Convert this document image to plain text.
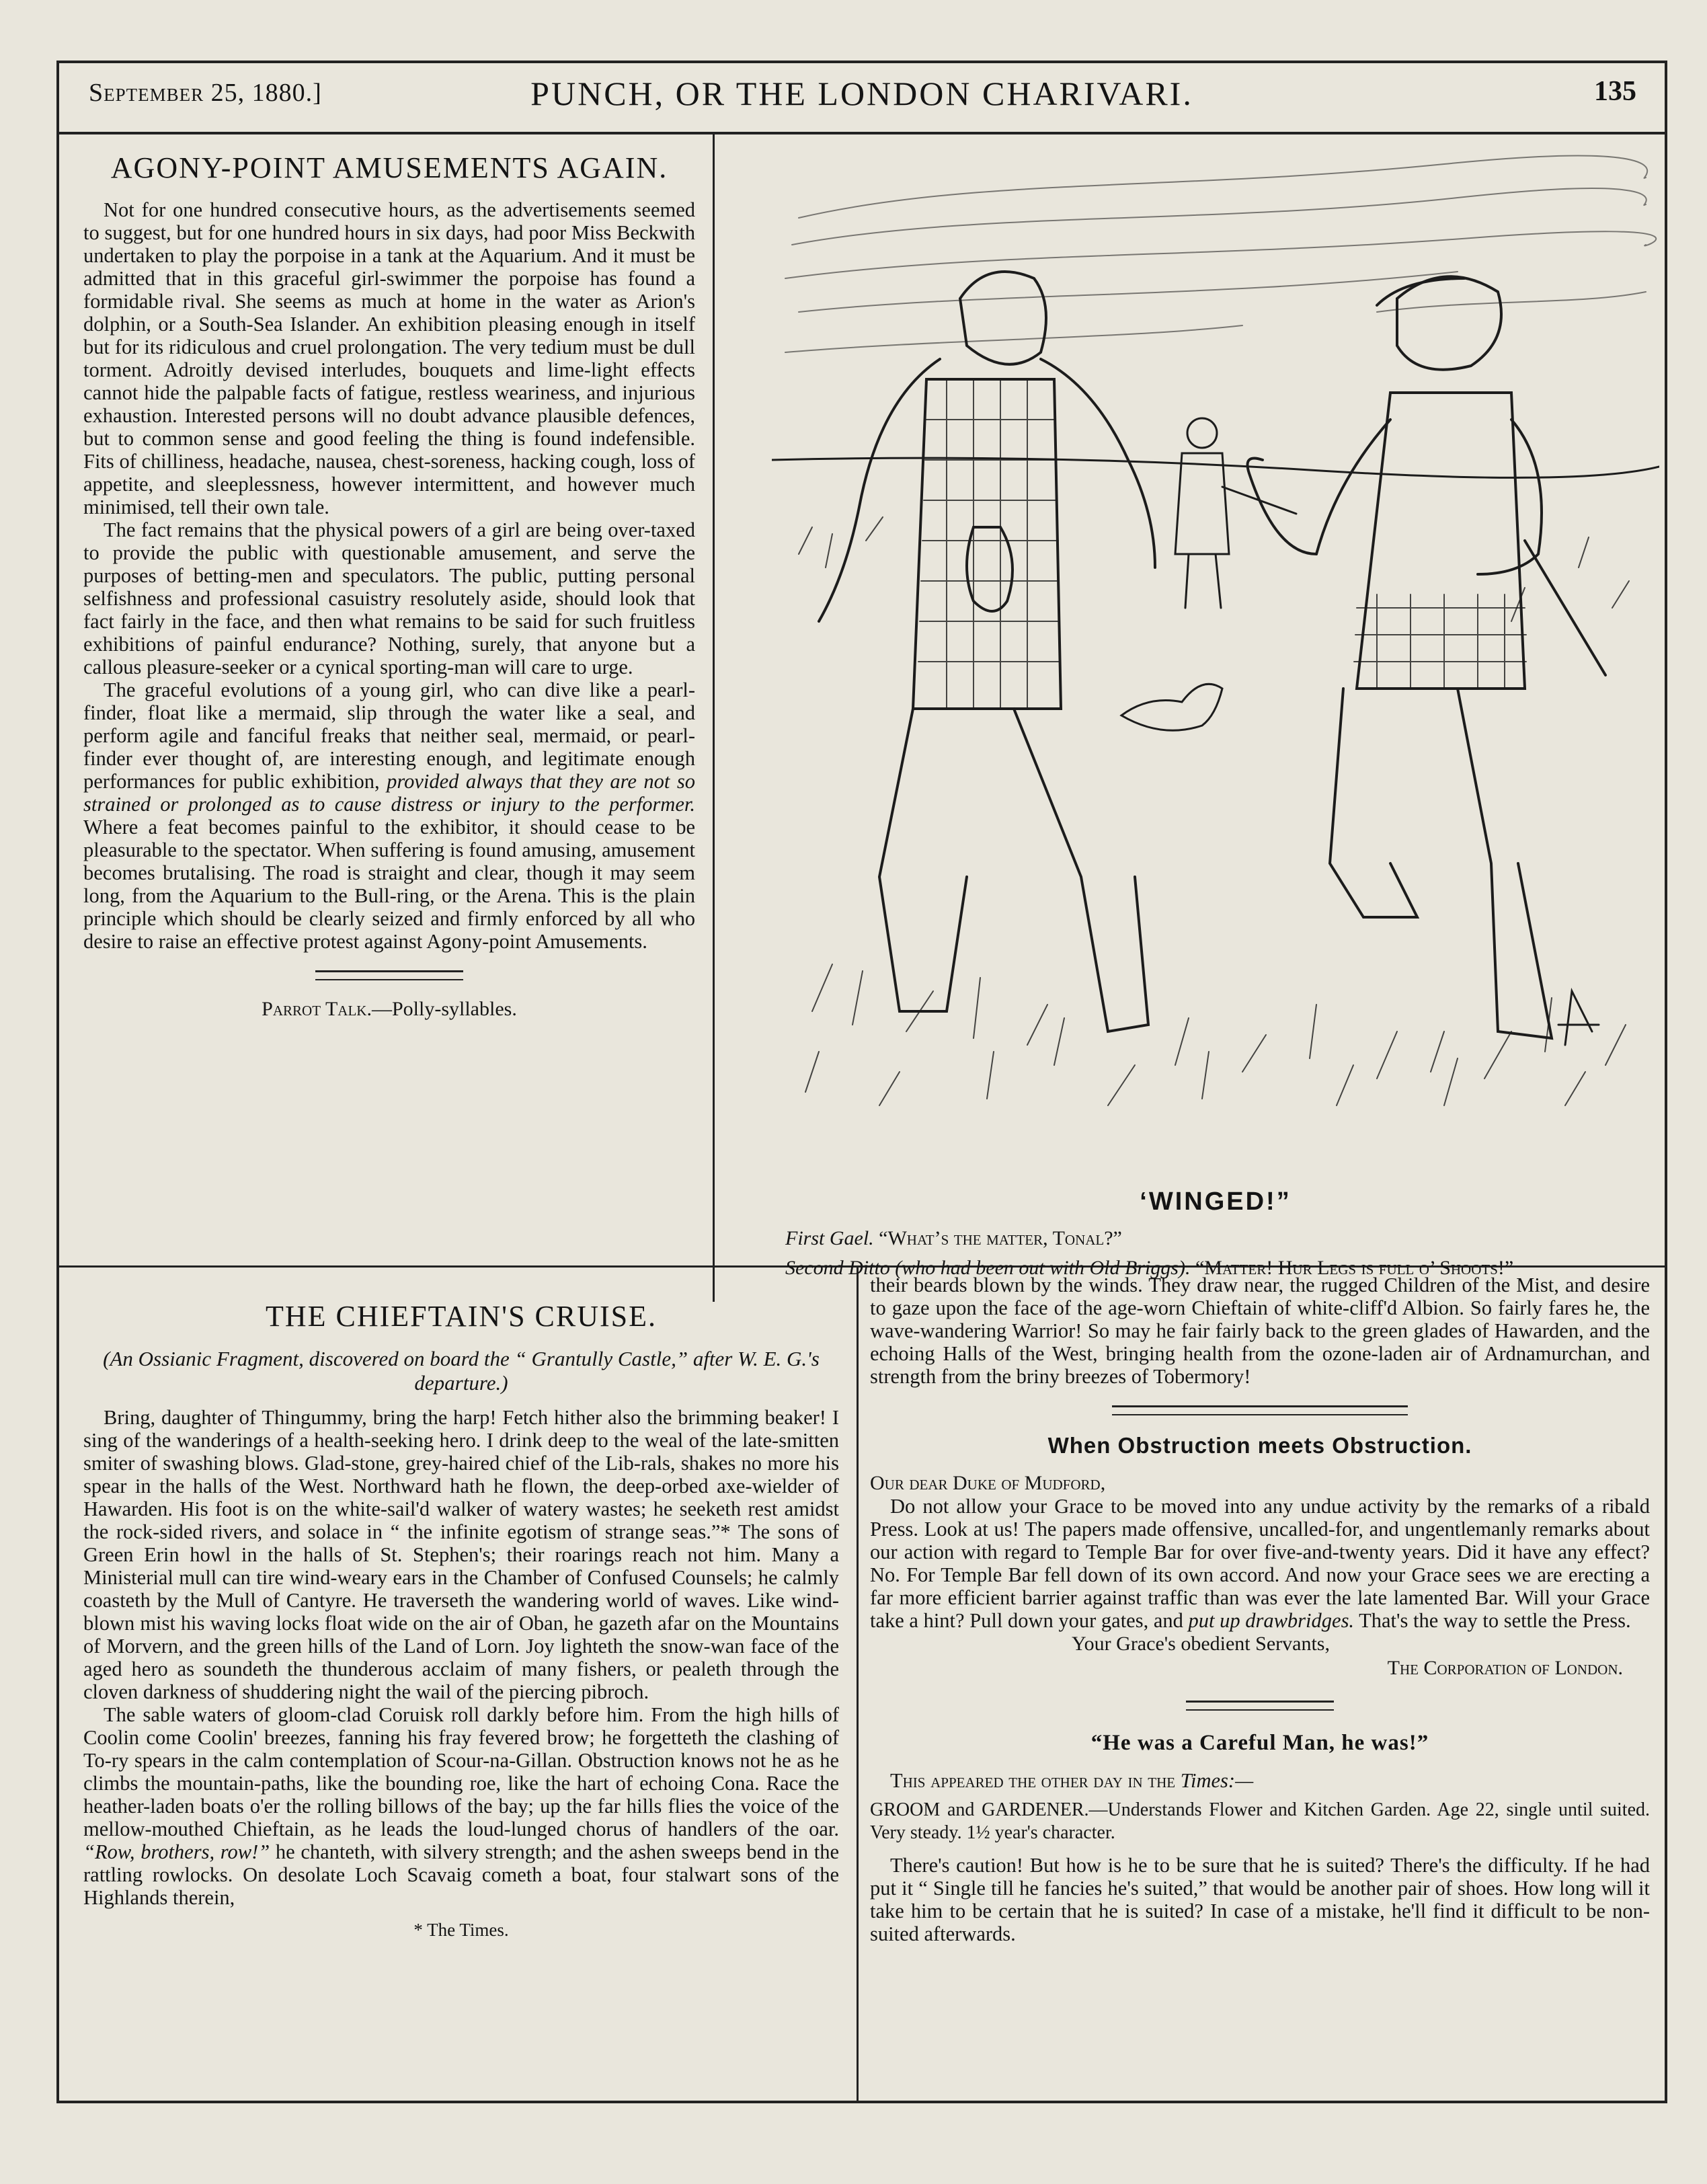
September 25, 1880.]	PUNCH, OR THE LONDON CHARIVARI.	135
AGONY-POINT AMUSEMENTS AGAIN.

Not for one hundred consecutive hours, as the advertisements seemed to suggest, but for one hundred hours in six days, had poor Miss Beckwith undertaken to play the porpoise in a tank at the Aquarium. And it must be admitted that in this graceful girl-swimmer the porpoise has found a formidable rival. She seems as much at home in the water as Arion's dolphin, or a South-Sea Islander. An exhibition pleasing enough in itself but for its ridiculous and cruel prolongation. The very tedium must be dull torment. Adroitly devised interludes, bouquets and lime-light effects cannot hide the palpable facts of fatigue, restless weariness, and injurious exhaustion. Interested persons will no doubt advance plausible defences, but to common sense and good feeling the thing is found indefensible. Fits of chilliness, headache, nausea, chest-soreness, hacking cough, loss of appetite, and sleeplessness, however intermittent, and however much minimised, tell their own tale.

The fact remains that the physical powers of a girl are being over-taxed to provide the public with questionable amusement, and serve the purposes of betting-men and speculators. The public, putting personal selfishness and professional casuistry resolutely aside, should look that fact fairly in the face, and then what remains to be said for such fruitless exhibitions of painful endurance? Nothing, surely, that anyone but a callous pleasure-seeker or a cynical sporting-man will care to urge.

The graceful evolutions of a young girl, who can dive like a pearl-finder, float like a mermaid, slip through the water like a seal, and perform agile and fanciful freaks that neither seal, mermaid, or pearl-finder ever thought of, are interesting enough, and legitimate enough performances for public exhibition, provided always that they are not so strained or prolonged as to cause distress or injury to the performer. Where a feat becomes painful to the exhibitor, it should cease to be pleasurable to the spectator. When suffering is found amusing, amusement becomes brutalising. The road is straight and clear, though it may seem long, from the Aquarium to the Bull-ring, or the Arena. This is the plain principle which should be clearly seized and firmly enforced by all who desire to raise an effective protest against Agony-point Amusements.

Parrot Talk.—Polly-syllables.
‘WINGED!”
First Gael. “What’s the matter, Tonal?”
Second Ditto (who had been out with Old Briggs). “Matter! Hur Legs is full o’ Shoots!”
THE CHIEFTAIN'S CRUISE.
(An Ossianic Fragment, discovered on board the “ Grantully Castle,” after W. E. G.'s departure.)

Bring, daughter of Thingummy, bring the harp! Fetch hither also the brimming beaker! I sing of the wanderings of a health-seeking hero. I drink deep to the weal of the late-smitten smiter of swashing blows. Glad-stone, grey-haired chief of the Lib-rals, shakes no more his spear in the halls of the West. Northward hath he flown, the deep-orbed axe-wielder of Hawarden. His foot is on the white-sail'd walker of watery wastes; he seeketh rest amidst the rock-sided rivers, and solace in “ the infinite egotism of strange seas.”* The sons of Green Erin howl in the halls of St. Stephen's; their roarings reach not him. Many a Ministerial mull can tire wind-weary ears in the Chamber of Confused Counsels; he calmly coasteth by the Mull of Cantyre. He traverseth the wandering world of waves. Like wind-blown mist his waving locks float wide on the air of Oban, he gazeth afar on the Mountains of Morvern, and the green hills of the Land of Lorn. Joy lighteth the snow-wan face of the aged hero as soundeth the thunderous acclaim of many fishers, or pealeth through the cloven darkness of shuddering night the wail of the piercing pibroch.

The sable waters of gloom-clad Coruisk roll darkly before him. From the high hills of Coolin come Coolin' breezes, fanning his fray fevered brow; he forgetteth the clashing of To-ry spears in the calm contemplation of Scour-na-Gillan. Obstruction knows not he as he climbs the mountain-paths, like the bounding roe, like the hart of echoing Cona. Race the heather-laden boats o'er the rolling billows of the bay; up the far hills flies the voice of the mellow-mouthed Chieftain, as he leads the loud-lunged chorus of handlers of the oar. “Row, brothers, row!” he chanteth, with silvery strength; and the ashen sweeps bend in the rattling rowlocks. On desolate Loch Scavaig cometh a boat, four stalwart sons of the Highlands therein,

* The Times.

their beards blown by the winds. They draw near, the rugged Children of the Mist, and desire to gaze upon the face of the age-worn Chieftain of white-cliff'd Albion. So fairly fares he, the wave-wandering Warrior! So may he fair fairly back to the green glades of Hawarden, and the echoing Halls of the West, bringing health from the ozone-laden air of Ardnamurchan, and strength from the briny breezes of Tobermory!

When Obstruction meets Obstruction.
Our dear Duke of Mudford,

Do not allow your Grace to be moved into any undue activity by the remarks of a ribald Press. Look at us! The papers made offensive, uncalled-for, and ungentlemanly remarks about our action with regard to Temple Bar for over five-and-twenty years. Did it have any effect? No. For Temple Bar fell down of its own accord. And now your Grace sees we are erecting a far more efficient barrier against traffic than was ever the late lamented Bar. Will your Grace take a hint? Pull down your gates, and put up drawbridges. That's the way to settle the Press.

Your Grace's obedient Servants,
The Corporation of London.
“He was a Careful Man, he was!”

This appeared the other day in the Times:—

GROOM and GARDENER.—Understands Flower and Kitchen Garden. Age 22, single until suited. Very steady. 1½ year's character.

There's caution! But how is he to be sure that he is suited? There's the difficulty. If he had put it “ Single till he fancies he's suited,” that would be another pair of shoes. How long will it take him to be certain that he is suited? In case of a mistake, he'll find it difficult to be non-suited afterwards.
